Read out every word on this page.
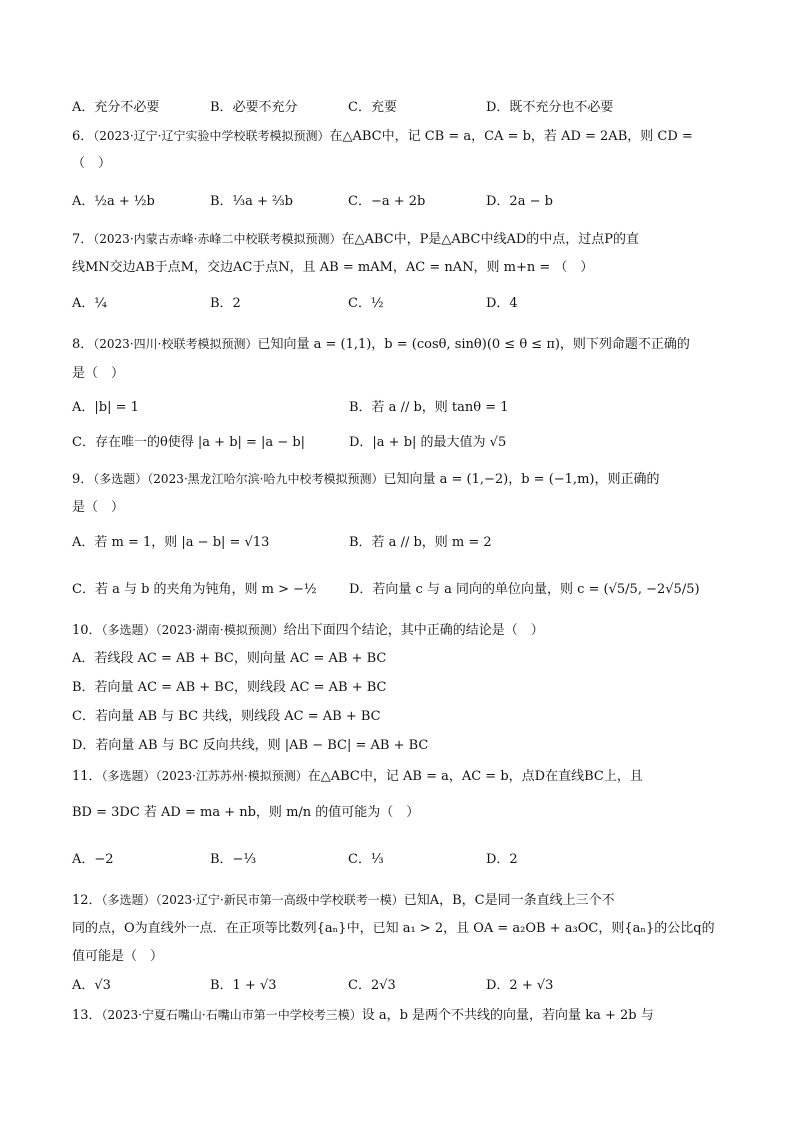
A．充分不必要	B．必要不充分	C．充要	D．既不充分也不必要
6．（2023·辽宁·辽宁实验中学校联考模拟预测）在△ABC中，记 CB = a，CA = b，若 AD = 2AB，则 CD =
（　）
A．½a + ½b	B．⅓a + ⅔b	C．−a + 2b	D．2a − b
7．（2023·内蒙古赤峰·赤峰二中校联考模拟预测）在△ABC中，P是△ABC中线AD的中点，过点P的直
线MN交边AB于点M，交边AC于点N，且 AB = mAM，AC = nAN，则 m+n = （　）
A．¼	B．2	C．½	D．4
8．（2023·四川·校联考模拟预测）已知向量 a = (1,1)，b = (cosθ, sinθ)(0 ≤ θ ≤ π)，则下列命题不正确的
是（　）
A．|b| = 1	B．若 a // b，则 tanθ = 1
C．存在唯一的θ使得 |a + b| = |a − b|	D．|a + b| 的最大值为 √5
9．（多选题）（2023·黑龙江哈尔滨·哈九中校考模拟预测）已知向量 a = (1,−2)，b = (−1,m)，则正确的
是（　）
A．若 m = 1，则 |a − b| = √13	B．若 a // b，则 m = 2
C．若 a 与 b 的夹角为钝角，则 m > −½	D．若向量 c 与 a 同向的单位向量，则 c = (√5/5, −2√5/5)
10．（多选题）（2023·湖南·模拟预测）给出下面四个结论，其中正确的结论是（　）
A．若线段 AC = AB + BC，则向量 AC = AB + BC
B．若向量 AC = AB + BC，则线段 AC = AB + BC
C．若向量 AB 与 BC 共线，则线段 AC = AB + BC
D．若向量 AB 与 BC 反向共线，则 |AB − BC| = AB + BC
11．（多选题）（2023·江苏苏州·模拟预测）在△ABC中，记 AB = a，AC = b，点D在直线BC上，且
BD = 3DC 若 AD = ma + nb，则 m/n 的值可能为（　）
A．−2	B．−⅓	C．⅓	D．2
12．（多选题）（2023·辽宁·新民市第一高级中学校联考一模）已知A，B，C是同一条直线上三个不
同的点，O为直线外一点．在正项等比数列{aₙ}中，已知 a₁ > 2，且 OA = a₂OB + a₃OC，则{aₙ}的公比q的
值可能是（　）
A．√3	B．1 + √3	C．2√3	D．2 + √3
13．（2023·宁夏石嘴山·石嘴山市第一中学校考三模）设 a，b 是两个不共线的向量，若向量 ka + 2b 与
